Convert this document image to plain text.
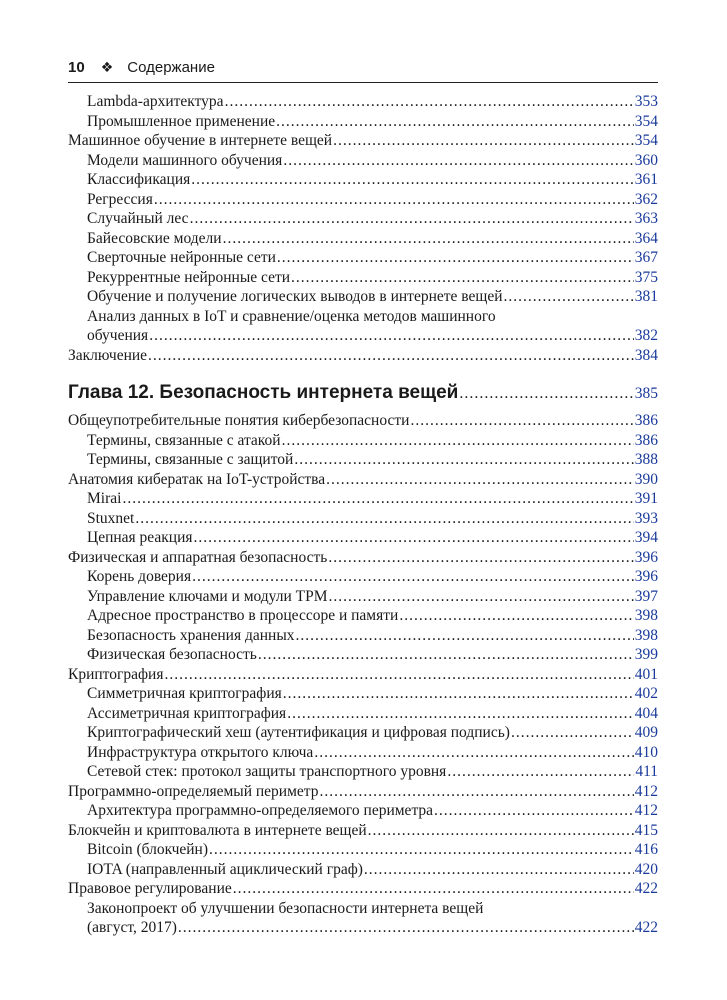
10 ❖ Содержание
Lambda-архитектура .....	353
Промышленное применение .....	354
Машинное обучение в интернете вещей .....	354
Модели машинного обучения .....	360
Классификация .....	361
Регрессия .....	362
Случайный лес .....	363
Байесовские модели .....	364
Сверточные нейронные сети .....	367
Рекуррентные нейронные сети .....	375
Обучение и получение логических выводов в интернете вещей .....	381
Анализ данных в IoT и сравнение/оценка методов машинного
обучения .....	382
Заключение .....	384
Глава 12. Безопасность интернета вещей .....	385
Общеупотребительные понятия кибербезопасности .....	386
Термины, связанные с атакой .....	386
Термины, связанные с защитой .....	388
Анатомия кибератак на IoT-устройства .....	390
Mirai .....	391
Stuxnet .....	393
Цепная реакция .....	394
Физическая и аппаратная безопасность .....	396
Корень доверия .....	396
Управление ключами и модули TPM .....	397
Адресное пространство в процессоре и памяти .....	398
Безопасность хранения данных .....	398
Физическая безопасность .....	399
Криптография .....	401
Симметричная криптография .....	402
Ассиметричная криптография .....	404
Криптографический хеш (аутентификация и цифровая подпись) .....	409
Инфраструктура открытого ключа .....	410
Сетевой стек: протокол защиты транспортного уровня .....	411
Программно-определяемый периметр .....	412
Архитектура программно-определяемого периметра .....	412
Блокчейн и криптовалюта в интернете вещей .....	415
Bitcoin (блокчейн) .....	416
IOTA (направленный ациклический граф) .....	420
Правовое регулирование .....	422
Законопроект об улучшении безопасности интернета вещей
(август, 2017) .....	422
